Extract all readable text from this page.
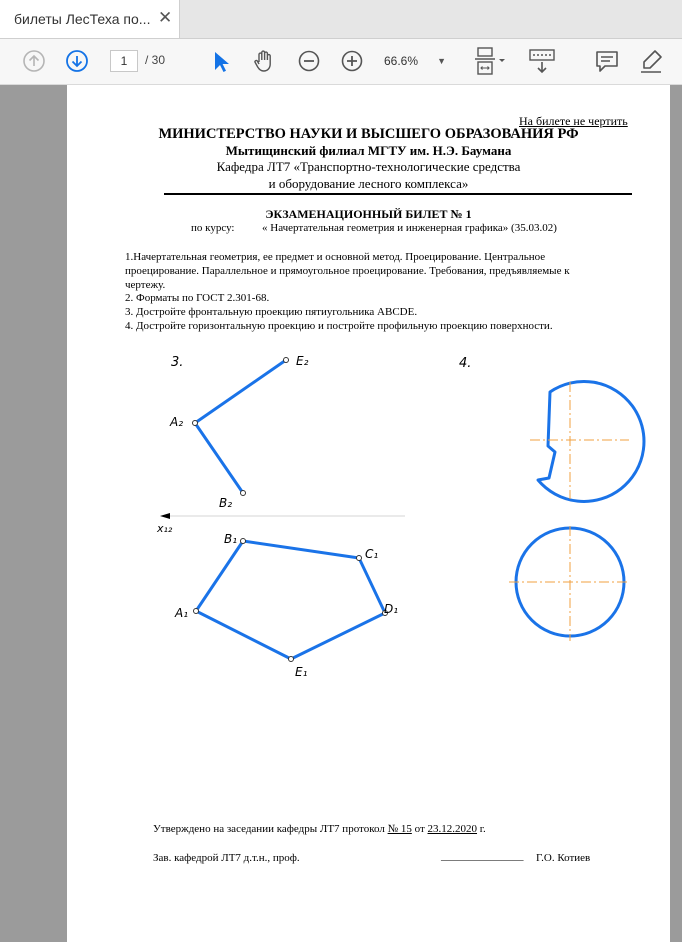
билеты ЛесТеха по... ✕
1	/ 30	66.6% ▼
На билете не чертить
МИНИСТЕРСТВО НАУКИ И ВЫСШЕГО ОБРАЗОВАНИЯ РФ
Мытищинский филиал МГТУ им. Н.Э. Баумана
Кафедра ЛТ7 «Транспортно-технологические средства
и оборудование лесного комплекса»
ЭКЗАМЕНАЦИОННЫЙ БИЛЕТ № 1
по курсу:	« Начертательная геометрия и инженерная графика» (35.03.02)
1.Начертательная геометрия, ее предмет и основной метод. Проецирование. Центральное
проецирование. Параллельное и прямоугольное проецирование. Требования, предъявляемые к
чертежу.
2. Форматы по ГОСТ 2.301-68.
3. Достройте фронтальную проекцию пятиугольника ABCDE.
4. Достройте горизонтальную проекцию и постройте профильную проекцию поверхности.
3.	4.
E₂
A₂
B₂
x₁₂
B₁
C₁
D₁
E₁
A₁
Утверждено на заседании кафедры ЛТ7 протокол № 15 от 23.12.2020 г.
Зав. кафедрой ЛТ7 д.т.н., проф.	_______________ Г.О. Котиев
